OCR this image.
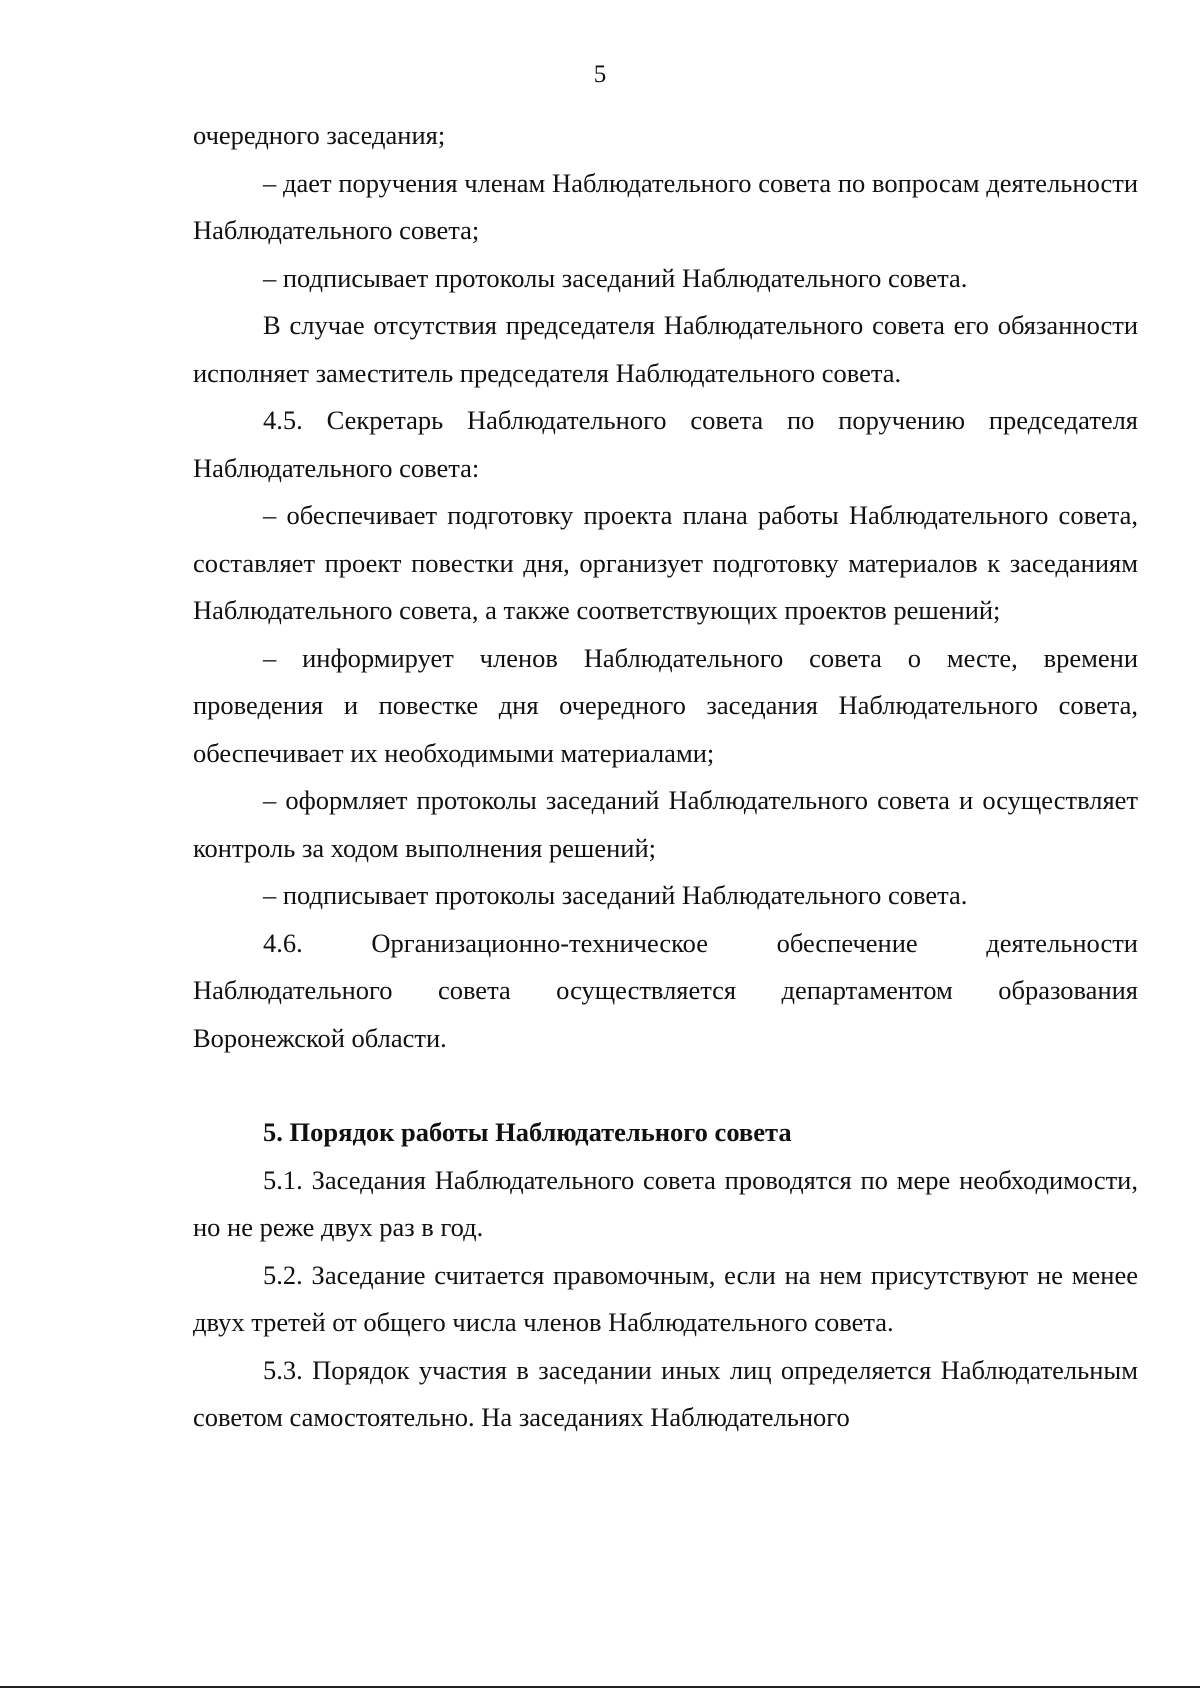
5

очередного заседания;

– дает поручения членам Наблюдательного совета по вопросам деятельности Наблюдательного совета;

– подписывает протоколы заседаний Наблюдательного совета.

В случае отсутствия председателя Наблюдательного совета его обязанности исполняет заместитель председателя Наблюдательного совета.

4.5. Секретарь Наблюдательного совета по поручению председателя Наблюдательного совета:

– обеспечивает подготовку проекта плана работы Наблюдательного совета, составляет проект повестки дня, организует подготовку материалов к заседаниям Наблюдательного совета, а также соответствующих проектов решений;

– информирует членов Наблюдательного совета о месте, времени проведения и повестке дня очередного заседания Наблюдательного совета, обеспечивает их необходимыми материалами;

– оформляет протоколы заседаний Наблюдательного совета и осуществляет контроль за ходом выполнения решений;

– подписывает протоколы заседаний Наблюдательного совета.

4.6. Организационно-техническое обеспечение деятельности Наблюдательного совета осуществляется департаментом образования Воронежской области.

5. Порядок работы Наблюдательного совета

5.1. Заседания Наблюдательного совета проводятся по мере необходимости, но не реже двух раз в год.

5.2. Заседание считается правомочным, если на нем присутствуют не менее двух третей от общего числа членов Наблюдательного совета.

5.3. Порядок участия в заседании иных лиц определяется Наблюдательным советом самостоятельно. На заседаниях Наблюдательного
